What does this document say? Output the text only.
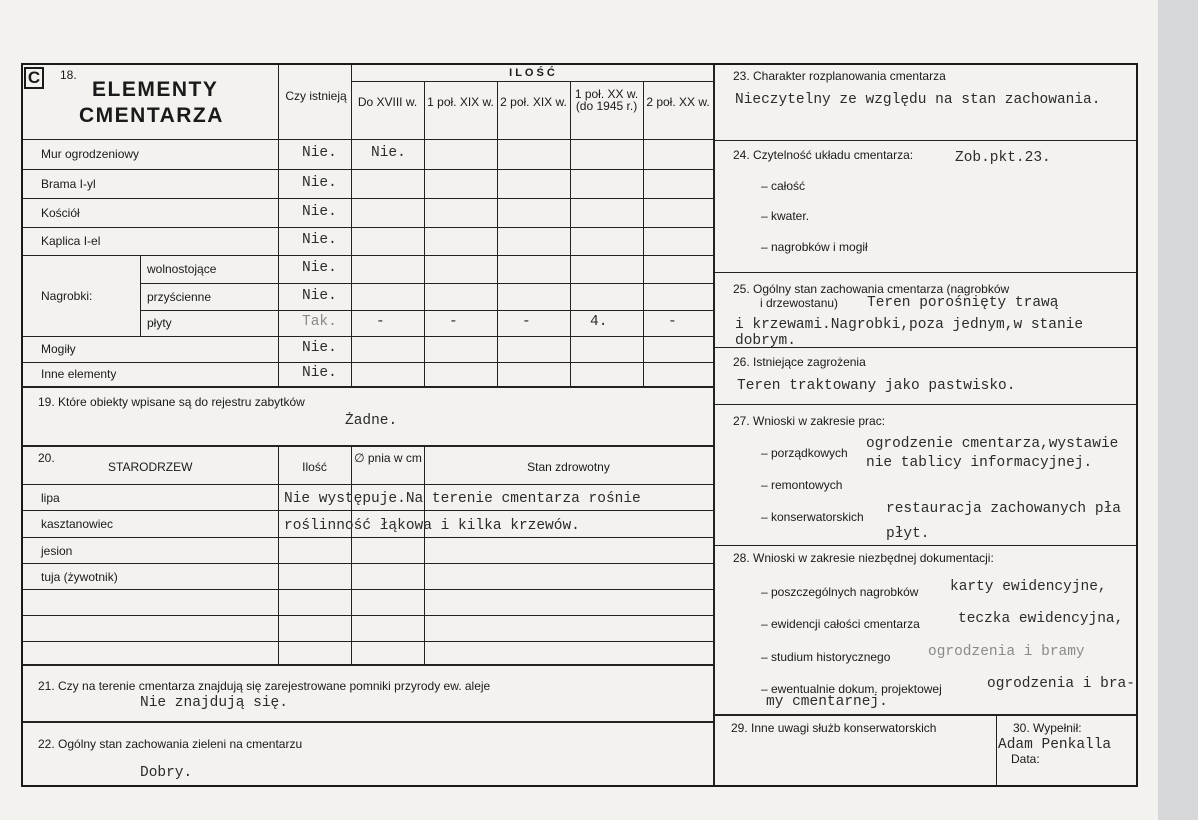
C	18.
ELEMENTY
CMENTARZA
Czy istnieją
I L O Ś Ć
Do XVIII w. 1 poł. XIX w. 2 poł. XIX w.
1 poł. XX w. (do 1945 r.) 2 poł. XX w.
Mur ogrodzeniowy	Nie. Nie.
Brama I-yl	Nie.
Kościół	Nie.
Kaplica I-el	Nie.
wolnostojące	Nie.
przyścienne	Nie.
płyty	Tak.	-	-	-	4.	-
Mogiły	Nie.
Inne elementy	Nie.
Nagrobki:
19. Które obiekty wpisane są do rejestru zabytków
Żadne.
20.
STARODRZEW	Ilość
∅ pnia w cm
Stan zdrowotny
lipa
kasztanowiec
jesion
tuja (żywotnik)
Nie występuje.Na terenie cmentarza rośnie
roślinność łąkowa i kilka krzewów.
21. Czy na terenie cmentarza znajdują się zarejestrowane pomniki przyrody ew. aleje
Nie znajdują się.
22. Ogólny stan zachowania zieleni na cmentarzu
Dobry.
23. Charakter rozplanowania cmentarza
Nieczytelny ze względu na stan zachowania.
24. Czytelność układu cmentarza:	Zob.pkt.23.
– całość
– kwater.
– nagrobków i mogił
25. Ogólny stan zachowania cmentarza (nagrobków
i drzewostanu) Teren porośnięty trawą
i krzewami.Nagrobki,poza jednym,w stanie
dobrym.
26. Istniejące zagrożenia
Teren traktowany jako pastwisko.
27. Wnioski w zakresie prac:
– porządkowych
ogrodzenie cmentarza,wystawie
nie tablicy informacyjnej.
– remontowych
– konserwatorskich restauracja zachowanych pła
płyt.
28. Wnioski w zakresie niezbędnej dokumentacji:
– poszczególnych nagrobków karty ewidencyjne,
– ewidencji całości cmentarza	teczka ewidencyjna,
– studium historycznego	ogrodzenia i bramy
– ewentualnie dokum. projektowej	ogrodzenia i bra-
my cmentarnej.
29. Inne uwagi służb konserwatorskich	30. Wypełnił:
Adam Penkalla
Data:
